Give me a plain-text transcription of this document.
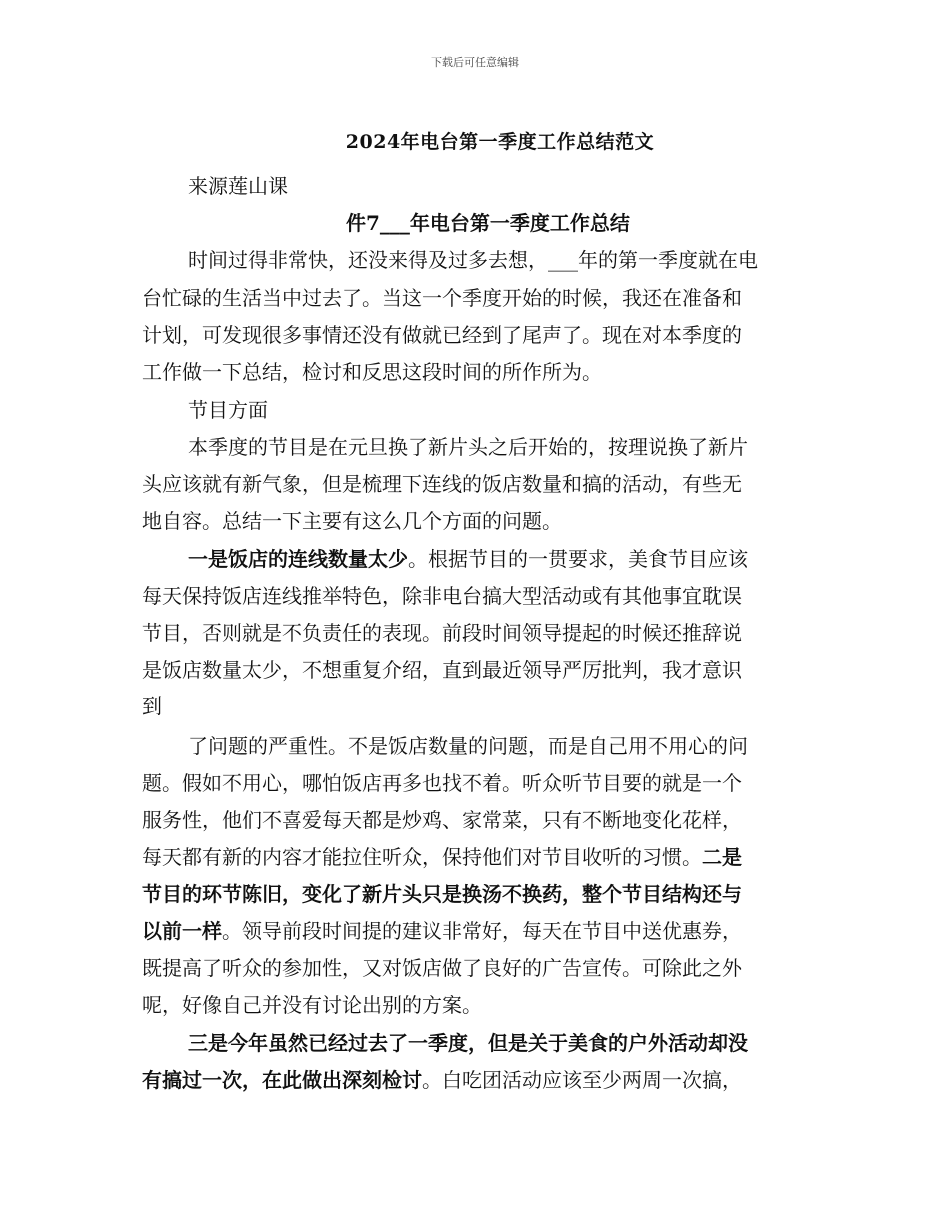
下载后可任意编辑
2024年电台第一季度工作总结范文
来源莲山课
件7___年电台第一季度工作总结
时间过得非常快，还没来得及过多去想，___年的第一季度就在电
台忙碌的生活当中过去了。当这一个季度开始的时候，我还在准备和
计划，可发现很多事情还没有做就已经到了尾声了。现在对本季度的
工作做一下总结，检讨和反思这段时间的所作所为。
节目方面
本季度的节目是在元旦换了新片头之后开始的，按理说换了新片
头应该就有新气象，但是梳理下连线的饭店数量和搞的活动，有些无
地自容。总结一下主要有这么几个方面的问题。
一是饭店的连线数量太少。根据节目的一贯要求，美食节目应该
每天保持饭店连线推举特色，除非电台搞大型活动或有其他事宜耽误
节目，否则就是不负责任的表现。前段时间领导提起的时候还推辞说
是饭店数量太少，不想重复介绍，直到最近领导严厉批判，我才意识
到
了问题的严重性。不是饭店数量的问题，而是自己用不用心的问
题。假如不用心，哪怕饭店再多也找不着。听众听节目要的就是一个
服务性，他们不喜爱每天都是炒鸡、家常菜，只有不断地变化花样，
每天都有新的内容才能拉住听众，保持他们对节目收听的习惯。二是
节目的环节陈旧，变化了新片头只是换汤不换药，整个节目结构还与
以前一样。领导前段时间提的建议非常好，每天在节目中送优惠券，
既提高了听众的参加性，又对饭店做了良好的广告宣传。可除此之外
呢，好像自己并没有讨论出别的方案。
三是今年虽然已经过去了一季度，但是关于美食的户外活动却没
有搞过一次，在此做出深刻检讨。白吃团活动应该至少两周一次搞，
